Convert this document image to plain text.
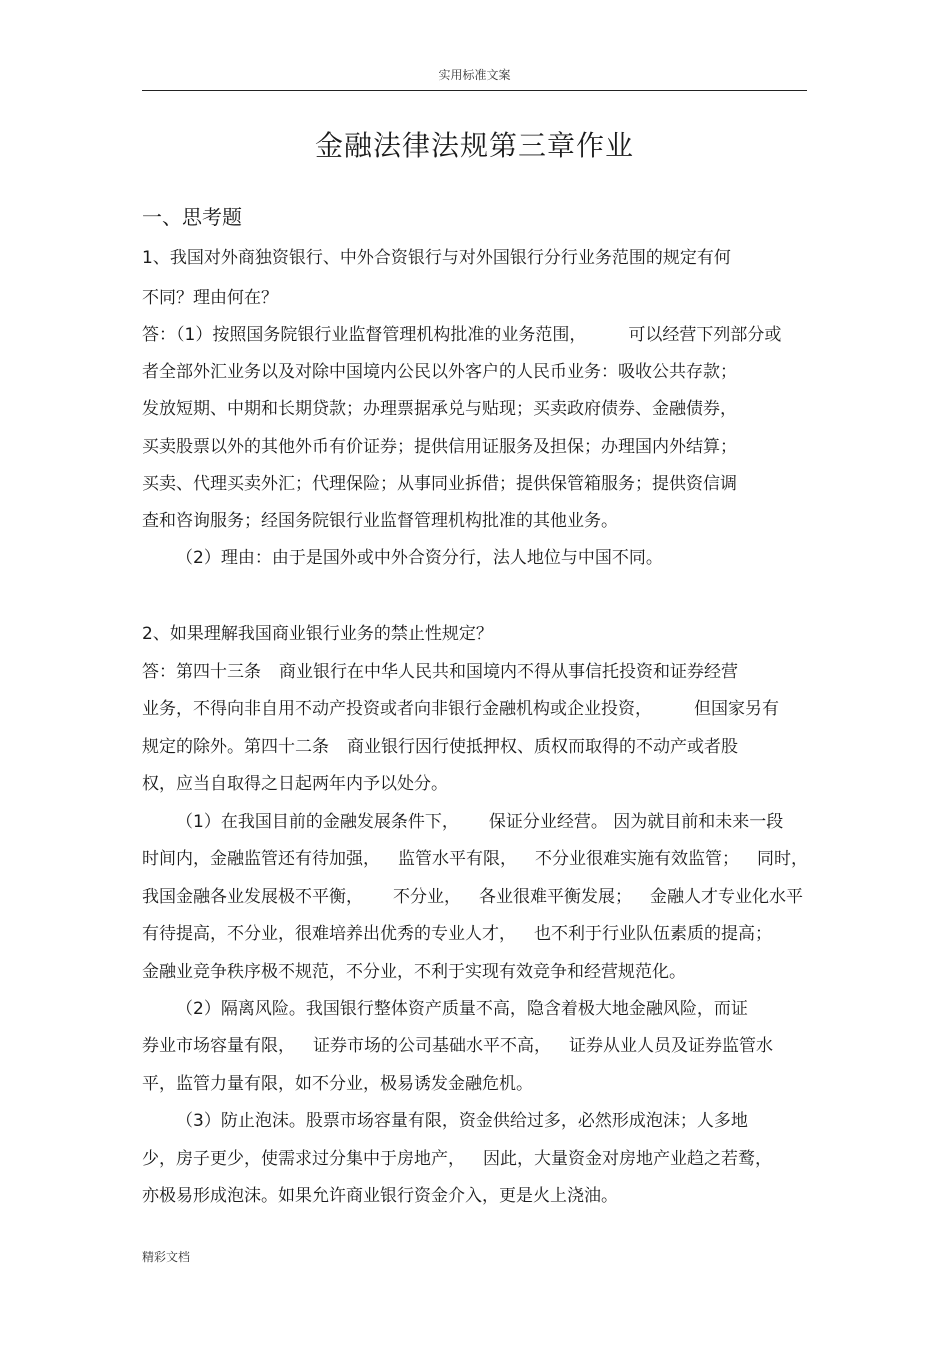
实用标准文案
金融法律法规第三章作业
一、思考题
1、我国对外商独资银行、中外合资银行与对外国银行分行业务范围的规定有何
不同？理由何在？
答：（1）按照国务院银行业监督管理机构批准的业务范围， 可以经营下列部分或
者全部外汇业务以及对除中国境内公民以外客户的人民币业务：吸收公共存款；
发放短期、中期和长期贷款；办理票据承兑与贴现；买卖政府债券、金融债券，
买卖股票以外的其他外币有价证券；提供信用证服务及担保；办理国内外结算；
买卖、代理买卖外汇；代理保险；从事同业拆借；提供保管箱服务；提供资信调
查和咨询服务；经国务院银行业监督管理机构批准的其他业务。
（2）理由：由于是国外或中外合资分行，法人地位与中国不同。
2、如果理解我国商业银行业务的禁止性规定？
答：第四十三条 商业银行在中华人民共和国境内不得从事信托投资和证券经营
业务，不得向非自用不动产投资或者向非银行金融机构或企业投资， 但国家另有
规定的除外。第四十二条 商业银行因行使抵押权、质权而取得的不动产或者股
权，应当自取得之日起两年内予以处分。
（1）在我国目前的金融发展条件下， 保证分业经营。 因为就目前和未来一段
时间内，金融监管还有待加强， 监管水平有限， 不分业很难实施有效监管； 同时，
我国金融各业发展极不平衡， 不分业， 各业很难平衡发展； 金融人才专业化水平
有待提高，不分业，很难培养出优秀的专业人才， 也不利于行业队伍素质的提高；
金融业竞争秩序极不规范，不分业，不利于实现有效竞争和经营规范化。
（2）隔离风险。我国银行整体资产质量不高，隐含着极大地金融风险，而证
券业市场容量有限， 证券市场的公司基础水平不高， 证券从业人员及证券监管水
平，监管力量有限，如不分业，极易诱发金融危机。
（3）防止泡沫。股票市场容量有限，资金供给过多，必然形成泡沫；人多地
少，房子更少，使需求过分集中于房地产， 因此，大量资金对房地产业趋之若鹜，
亦极易形成泡沫。如果允许商业银行资金介入，更是火上浇油。
精彩文档
